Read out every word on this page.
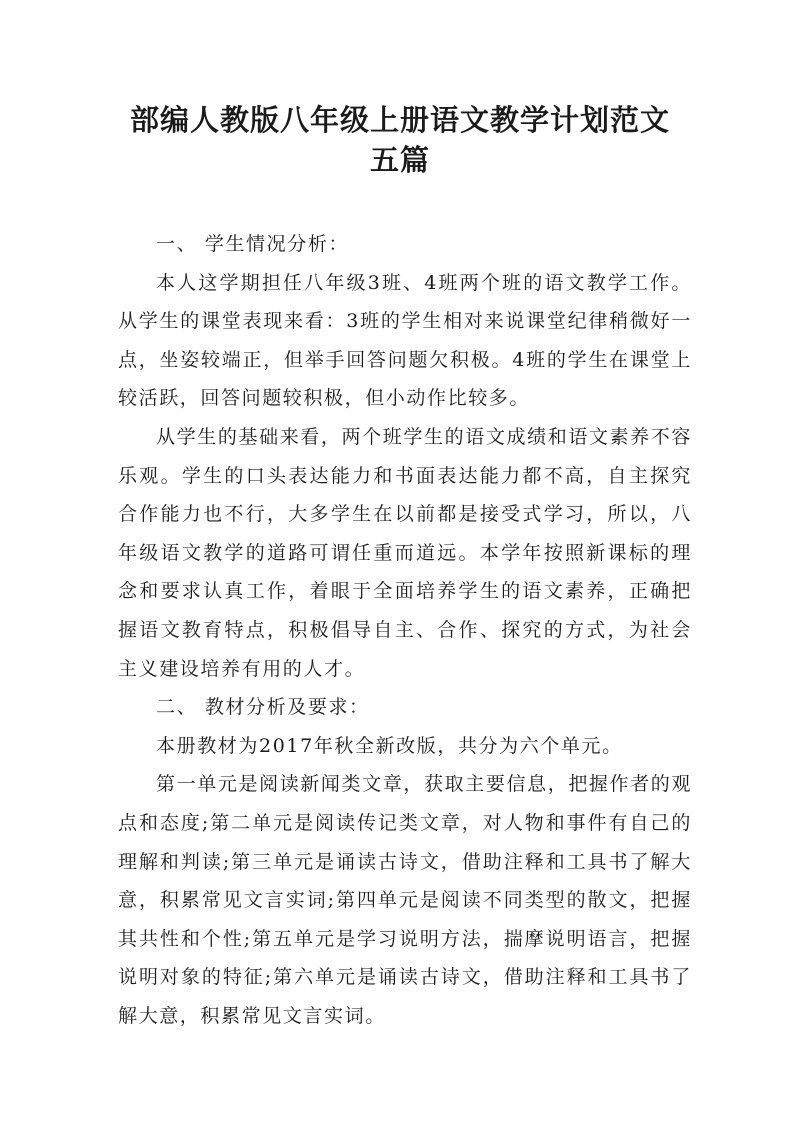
部编人教版八年级上册语文教学计划范文
五篇

一、 学生情况分析：

本人这学期担任八年级3班、4班两个班的语文教学工作。从学生的课堂表现来看：3班的学生相对来说课堂纪律稍微好一点，坐姿较端正，但举手回答问题欠积极。4班的学生在课堂上较活跃，回答问题较积极，但小动作比较多。

从学生的基础来看，两个班学生的语文成绩和语文素养不容乐观。学生的口头表达能力和书面表达能力都不高，自主探究合作能力也不行，大多学生在以前都是接受式学习，所以，八年级语文教学的道路可谓任重而道远。本学年按照新课标的理念和要求认真工作，着眼于全面培养学生的语文素养，正确把握语文教育特点，积极倡导自主、合作、探究的方式，为社会主义建设培养有用的人才。

二、 教材分析及要求：

本册教材为2017年秋全新改版，共分为六个单元。

第一单元是阅读新闻类文章，获取主要信息，把握作者的观点和态度;第二单元是阅读传记类文章，对人物和事件有自己的理解和判读;第三单元是诵读古诗文，借助注释和工具书了解大意，积累常见文言实词;第四单元是阅读不同类型的散文，把握其共性和个性;第五单元是学习说明方法，揣摩说明语言，把握说明对象的特征;第六单元是诵读古诗文，借助注释和工具书了解大意，积累常见文言实词。
